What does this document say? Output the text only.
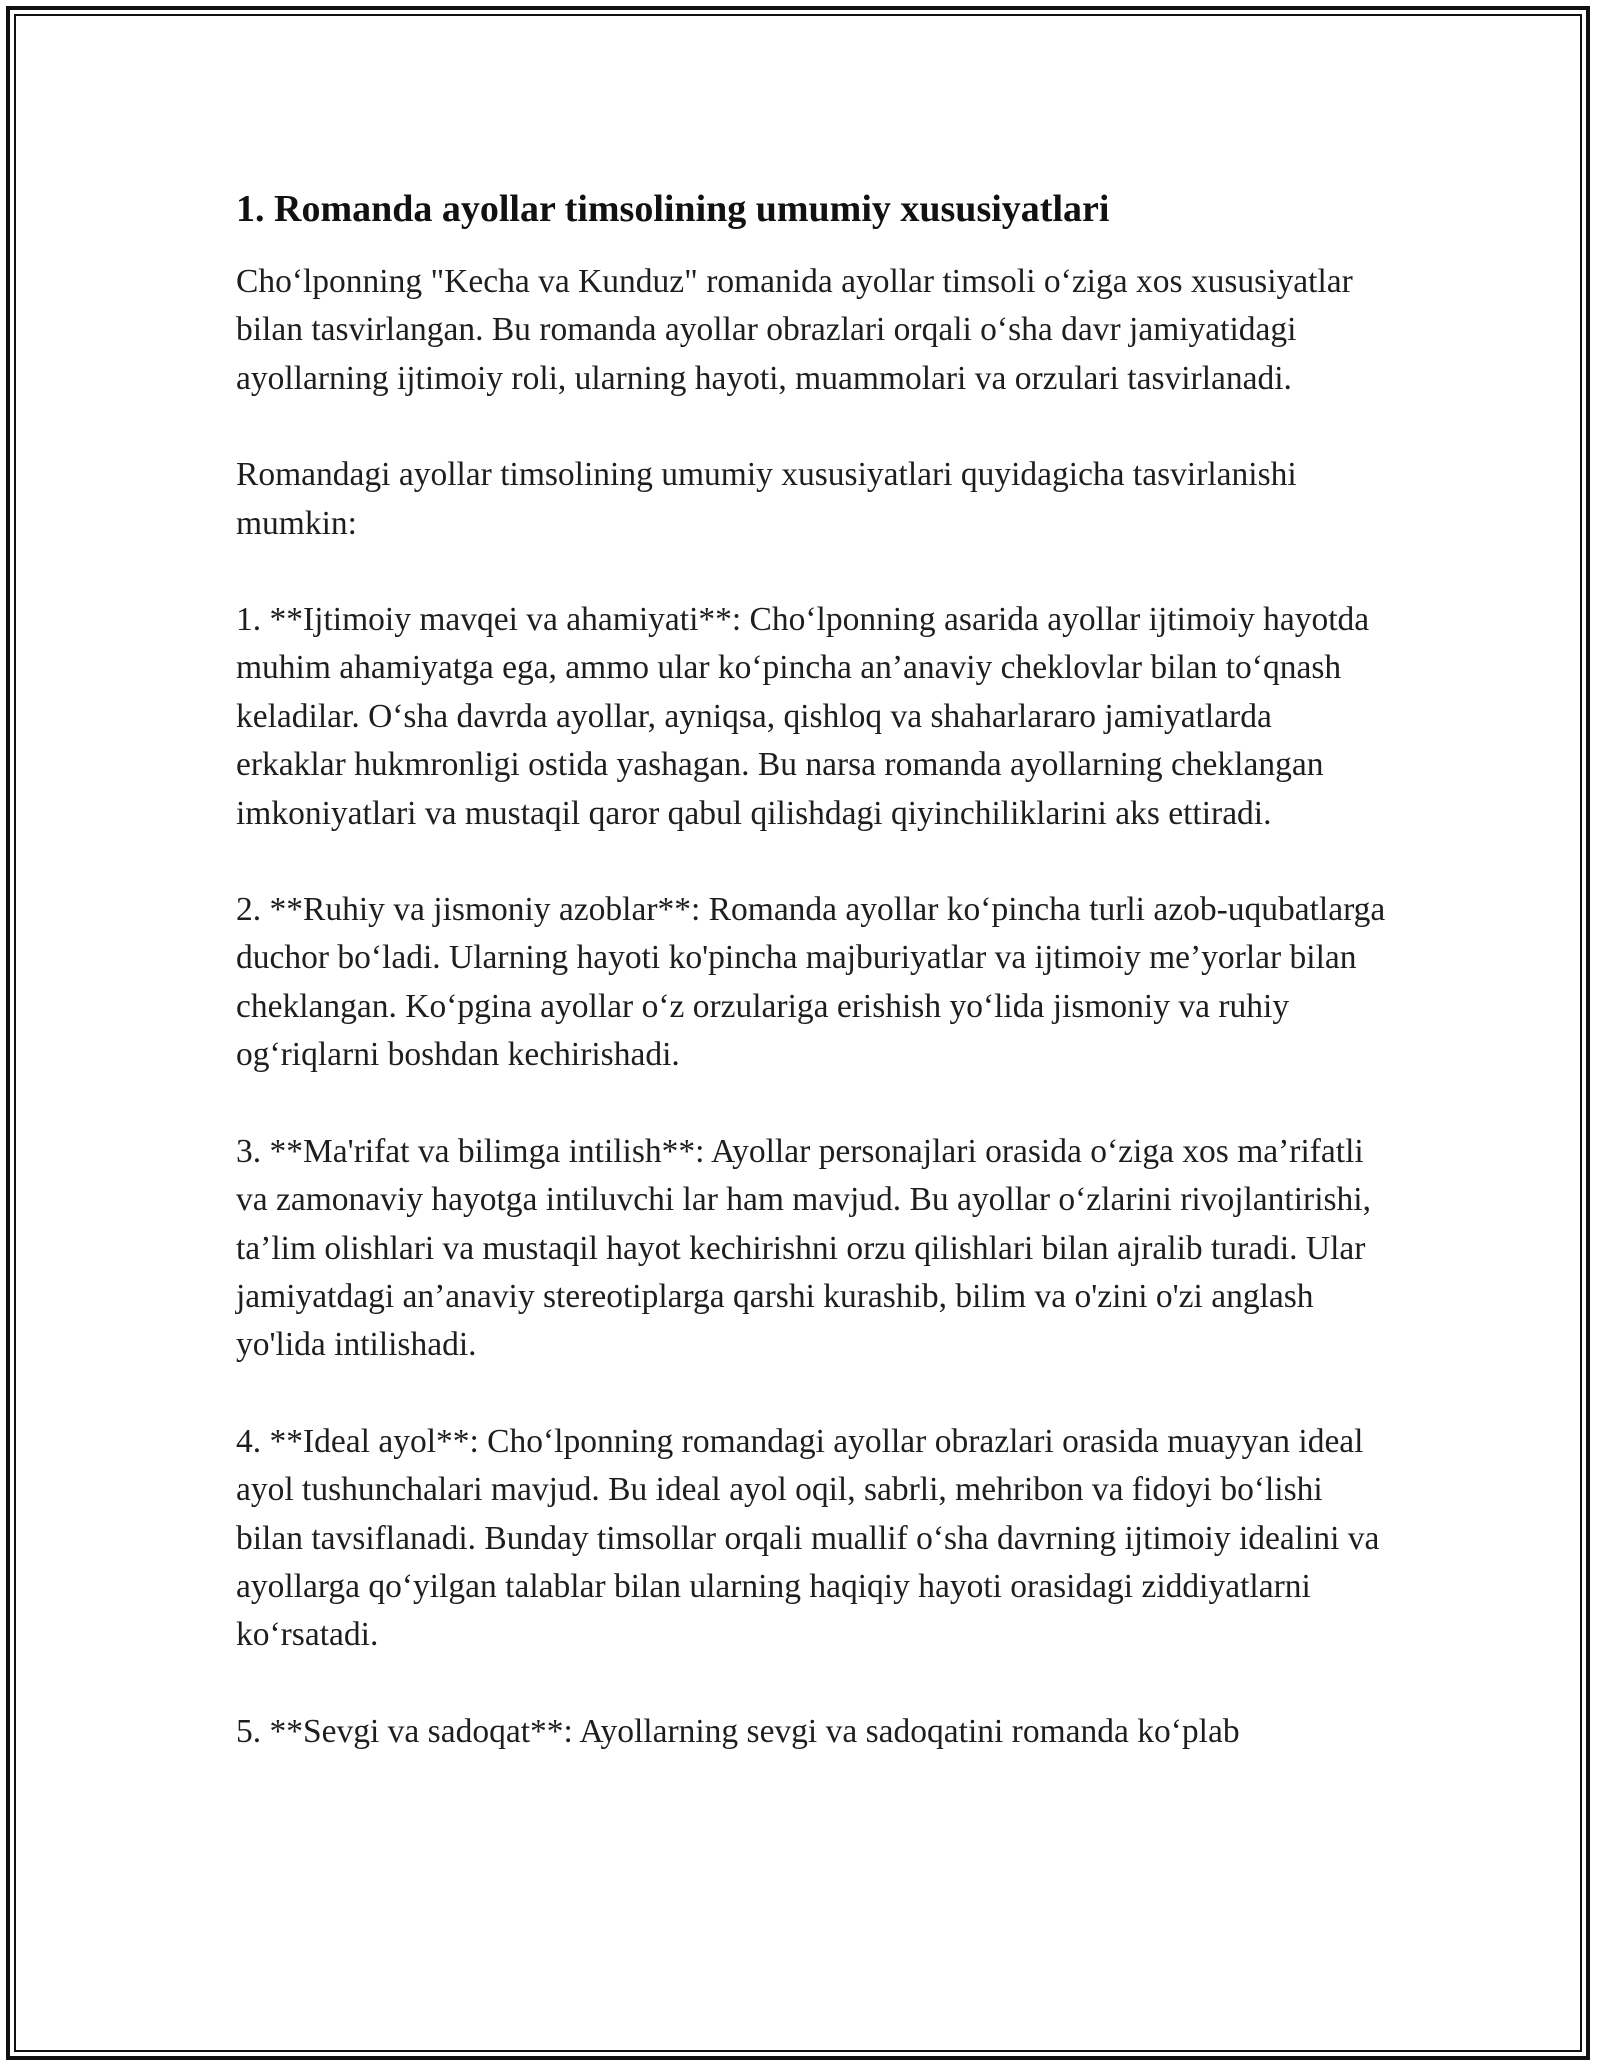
1. Romanda ayollar timsolining umumiy xususiyatlari

Cho‘lponning "Kecha va Kunduz" romanida ayollar timsoli o‘ziga xos xususiyatlar bilan tasvirlangan. Bu romanda ayollar obrazlari orqali o‘sha davr jamiyatidagi ayollarning ijtimoiy roli, ularning hayoti, muammolari va orzulari tasvirlanadi.

Romandagi ayollar timsolining umumiy xususiyatlari quyidagicha tasvirlanishi mumkin:

1. **Ijtimoiy mavqei va ahamiyati**: Cho‘lponning asarida ayollar ijtimoiy hayotda muhim ahamiyatga ega, ammo ular ko‘pincha an’anaviy cheklovlar bilan to‘qnash keladilar. O‘sha davrda ayollar, ayniqsa, qishloq va shaharlararo jamiyatlarda erkaklar hukmronligi ostida yashagan. Bu narsa romanda ayollarning cheklangan imkoniyatlari va mustaqil qaror qabul qilishdagi qiyinchiliklarini aks ettiradi.

2. **Ruhiy va jismoniy azoblar**: Romanda ayollar ko‘pincha turli azob-uqubatlarga duchor bo‘ladi. Ularning hayoti ko'pincha majburiyatlar va ijtimoiy me’yorlar bilan cheklangan. Ko‘pgina ayollar o‘z orzulariga erishish yo‘lida jismoniy va ruhiy og‘riqlarni boshdan kechirishadi.

3. **Ma'rifat va bilimga intilish**: Ayollar personajlari orasida o‘ziga xos ma’rifatli va zamonaviy hayotga intiluvchi lar ham mavjud. Bu ayollar o‘zlarini rivojlantirishi, ta’lim olishlari va mustaqil hayot kechirishni orzu qilishlari bilan ajralib turadi. Ular jamiyatdagi an’anaviy stereotiplarga qarshi kurashib, bilim va o'zini o'zi anglash yo'lida intilishadi.

4. **Ideal ayol**: Cho‘lponning romandagi ayollar obrazlari orasida muayyan ideal ayol tushunchalari mavjud. Bu ideal ayol oqil, sabrli, mehribon va fidoyi bo‘lishi bilan tavsiflanadi. Bunday timsollar orqali muallif o‘sha davrning ijtimoiy idealini va ayollarga qo‘yilgan talablar bilan ularning haqiqiy hayoti orasidagi ziddiyatlarni ko‘rsatadi.

5. **Sevgi va sadoqat**: Ayollarning sevgi va sadoqatini romanda ko‘plab
